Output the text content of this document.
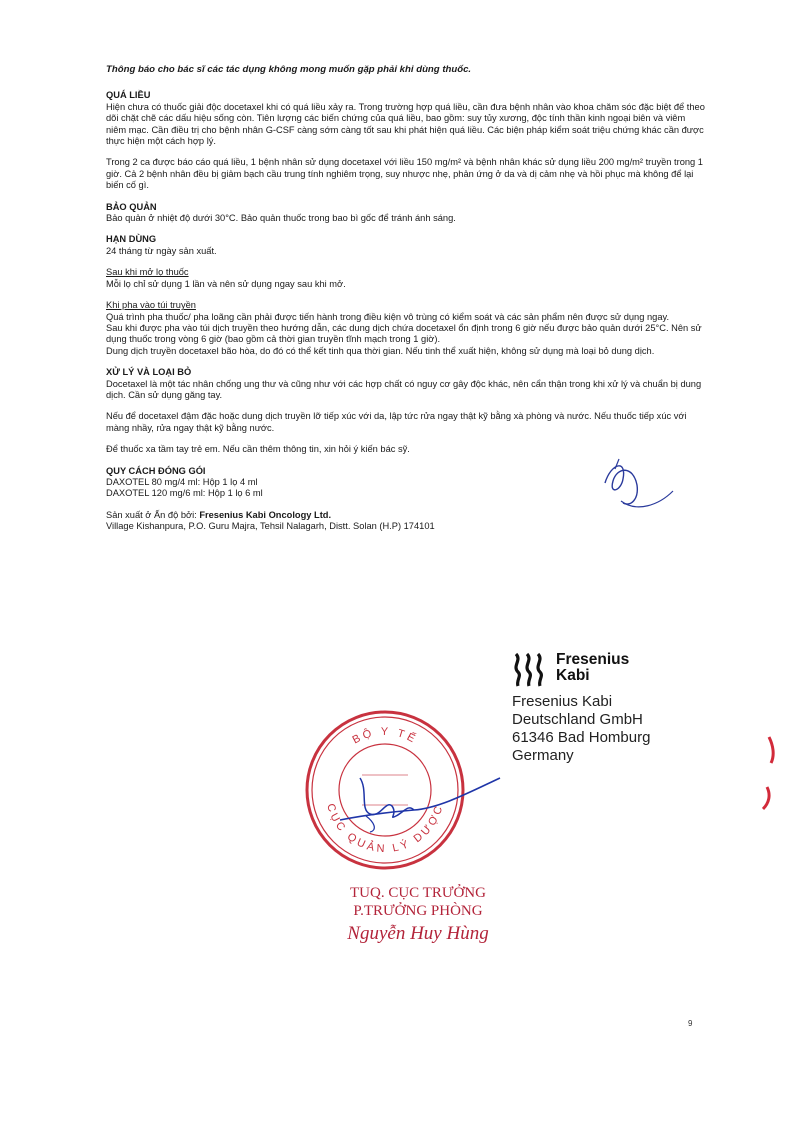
Thông báo cho bác sĩ các tác dụng không mong muốn gặp phải khi dùng thuốc.

QUÁ LIỀU

Hiện chưa có thuốc giải độc docetaxel khi có quá liều xảy ra. Trong trường hợp quá liều, cần đưa bệnh nhân vào khoa chăm sóc đặc biệt để theo dõi chặt chẽ các dấu hiệu sống còn. Tiên lượng các biến chứng của quá liều, bao gồm: suy tủy xương, độc tính thần kinh ngoại biên và viêm niêm mạc. Cần điều trị cho bệnh nhân G-CSF càng sớm càng tốt sau khi phát hiện quá liều. Các biện pháp kiểm soát triệu chứng khác cần được thực hiện một cách hợp lý.

Trong 2 ca được báo cáo quá liều, 1 bệnh nhân sử dụng docetaxel với liều 150 mg/m² và bệnh nhân khác sử dụng liều 200 mg/m² truyền trong 1 giờ. Cả 2 bệnh nhân đều bị giảm bạch cầu trung tính nghiêm trọng, suy nhược nhẹ, phản ứng ở da và dị cảm nhẹ và hồi phục mà không để lại biến cố gì.

BẢO QUẢN

Bảo quản ở nhiệt độ dưới 30°C. Bảo quản thuốc trong bao bì gốc để tránh ánh sáng.

HẠN DÙNG

24 tháng từ ngày sản xuất.

Sau khi mở lọ thuốc

Mỗi lọ chỉ sử dụng 1 lần và nên sử dụng ngay sau khi mở.

Khi pha vào túi truyền

Quá trình pha thuốc/ pha loãng cần phải được tiến hành trong điều kiện vô trùng có kiểm soát và các sản phẩm nên được sử dụng ngay.

Sau khi được pha vào túi dịch truyền theo hướng dẫn, các dung dịch chứa docetaxel ổn định trong 6 giờ nếu được bảo quản dưới 25°C. Nên sử dụng thuốc trong vòng 6 giờ (bao gồm cả thời gian truyền tĩnh mạch trong 1 giờ).

Dung dịch truyền docetaxel bão hòa, do đó có thể kết tinh qua thời gian. Nếu tinh thể xuất hiện, không sử dụng mà loại bỏ dung dịch.

XỬ LÝ VÀ LOẠI BỎ

Docetaxel là một tác nhân chống ung thư và cũng như với các hợp chất có nguy cơ gây độc khác, nên cẩn thận trong khi xử lý và chuẩn bị dung dịch. Cần sử dụng găng tay.

Nếu để docetaxel đậm đặc hoặc dung dịch truyền lỡ tiếp xúc với da, lập tức rửa ngay thật kỹ bằng xà phòng và nước. Nếu thuốc tiếp xúc với màng nhầy, rửa ngay thật kỹ bằng nước.

Để thuốc xa tầm tay trẻ em. Nếu cần thêm thông tin, xin hỏi ý kiến bác sỹ.

QUY CÁCH ĐÓNG GÓI

DAXOTEL 80 mg/4 ml: Hộp 1 lọ 4 ml

DAXOTEL 120 mg/6 ml: Hộp 1 lọ 6 ml

Sản xuất ở Ấn độ bởi: Fresenius Kabi Oncology Ltd.

Village Kishanpura, P.O. Guru Majra, Tehsil Nalagarh, Distt. Solan (H.P) 174101

Fresenius
Kabi
Fresenius Kabi
Deutschland GmbH
61346 Bad Homburg
Germany
BỘ Y TẾ
CỤC QUẢN LÝ DƯỢC
TUQ. CỤC TRƯỞNG
P.TRƯỞNG PHÒNG
Nguyễn Huy Hùng
9
